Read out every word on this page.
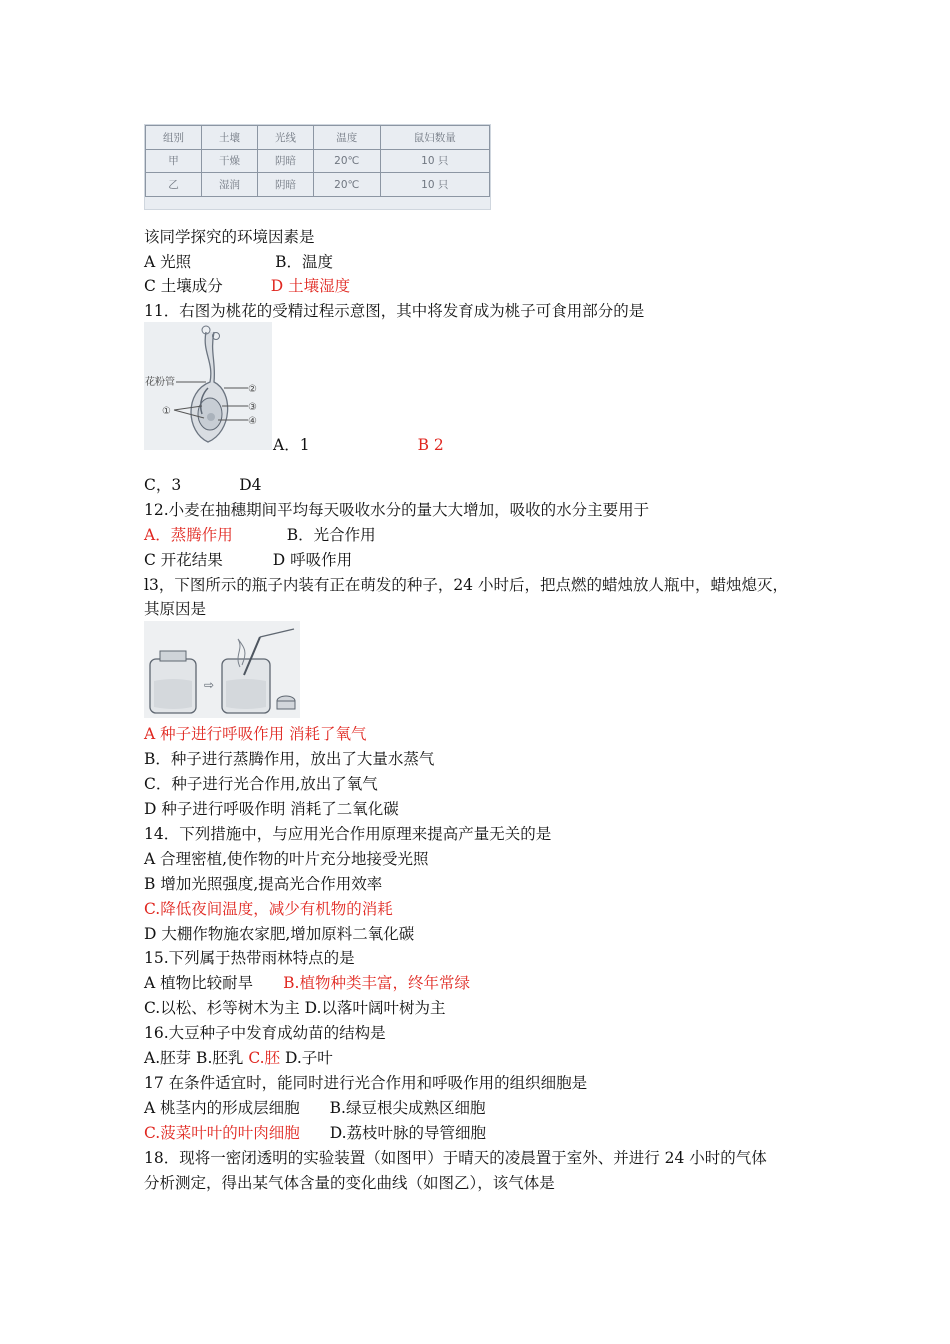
组别	土壤	光线	温度	鼠妇数量
甲	干燥	阴暗	20℃	10 只
乙	湿润	阴暗	20℃	10 只
该同学探究的环境因素是
A 光照	B．温度
C 土壤成分	D 土壤湿度
11．右图为桃花的受精过程示意图，其中将发育成为桃子可食用部分的是
花粉管
②
③
④
①
A．1	B 2
C，3	D4
12.小麦在抽穗期间平均每天吸收水分的量大大增加，吸收的水分主要用于
A．蒸腾作用	B．光合作用
C 开花结果	D 呼吸作用
l3，下图所示的瓶子内装有正在萌发的种子，24 小时后，把点燃的蜡烛放人瓶中，蜡烛熄灭，
其原因是
⇨
A 种子进行呼吸作用 消耗了氧气
B．种子进行蒸腾作用，放出了大量水蒸气
C．种子进行光合作用,放出了氧气
D 种子进行呼吸作明 消耗了二氧化碳
14．下列措施中，与应用光合作用原理来提高产量无关的是
A 合理密植,使作物的叶片充分地接受光照
B 增加光照强度,提高光合作用效率
C.降低夜间温度，减少有机物的消耗
D 大棚作物施农家肥,增加原料二氧化碳
15.下列属于热带雨林特点的是
A 植物比较耐旱 B.植物种类丰富，终年常绿
C.以松、杉等树木为主 D.以落叶阔叶树为主
16.大豆种子中发育成幼苗的结构是
A.胚芽 B.胚乳 C.胚 D.子叶
17 在条件适宜时，能同时进行光合作用和呼吸作用的组织细胞是
A 桃茎内的形成层细胞 B.绿豆根尖成熟区细胞
C.菠菜叶叶的叶肉细胞 D.荔枝叶脉的导管细胞
18．现将一密闭透明的实验装置（如图甲）于晴天的凌晨置于室外、并进行 24 小时的气体
分析测定，得出某气体含量的变化曲线（如图乙），该气体是
